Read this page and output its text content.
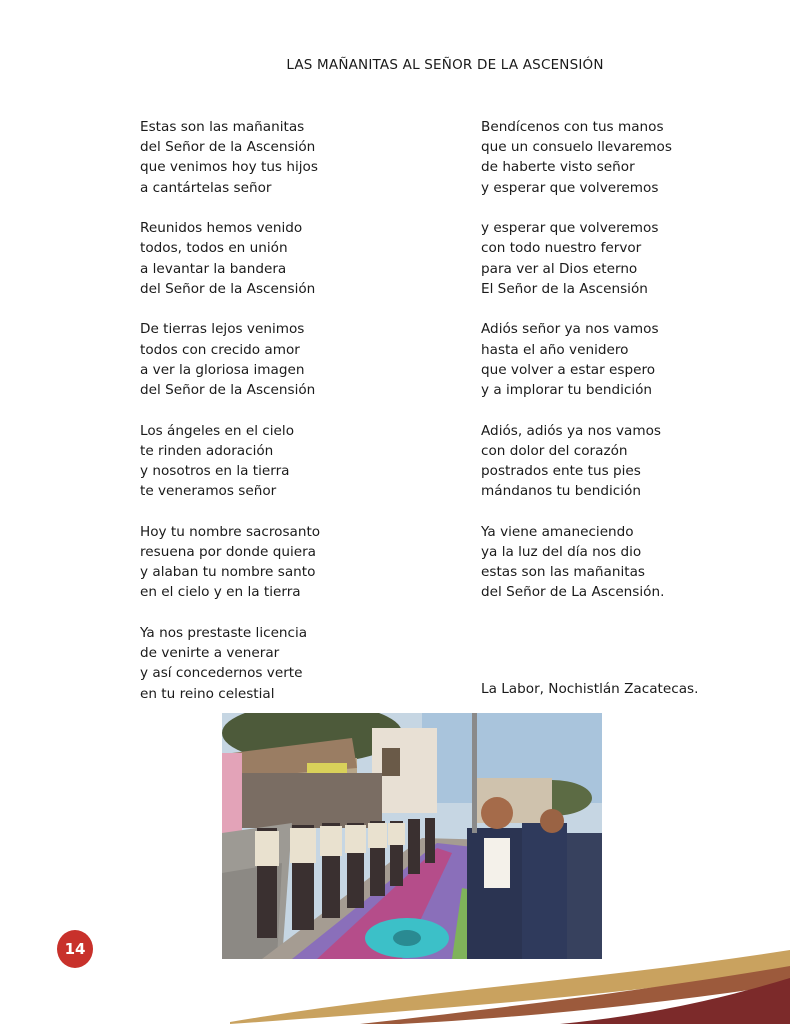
LAS MAÑANITAS AL SEÑOR DE LA ASCENSIÓN
Estas son las mañanitas
del Señor de la Ascensión
que venimos hoy tus hijos
a cantártelas señor
Reunidos hemos venido
todos, todos en unión
a levantar la bandera
del Señor de la Ascensión
De tierras lejos venimos
todos con crecido amor
a ver la gloriosa imagen
del Señor de la Ascensión
Los ángeles en el cielo
te rinden adoración
y nosotros en la tierra
te veneramos señor
Hoy tu nombre sacrosanto
resuena por donde quiera
y alaban tu nombre santo
en el cielo y en la tierra
Ya nos prestaste licencia
de venirte a venerar
y así concedernos verte
en tu reino celestial
Bendícenos con tus manos
que un consuelo llevaremos
de haberte visto señor
y esperar que volveremos
y esperar que volveremos
con todo nuestro fervor
para ver al Dios eterno
El Señor de la Ascensión
Adiós señor ya nos vamos
hasta el año venidero
que volver a estar espero
y a implorar tu bendición
Adiós, adiós ya nos vamos
con dolor del corazón
postrados ente tus pies
mándanos tu bendición
Ya viene amaneciendo
ya la luz del día nos dio
estas son las mañanitas
del Señor de La Ascensión.
La Labor, Nochistlán Zacatecas.
14
